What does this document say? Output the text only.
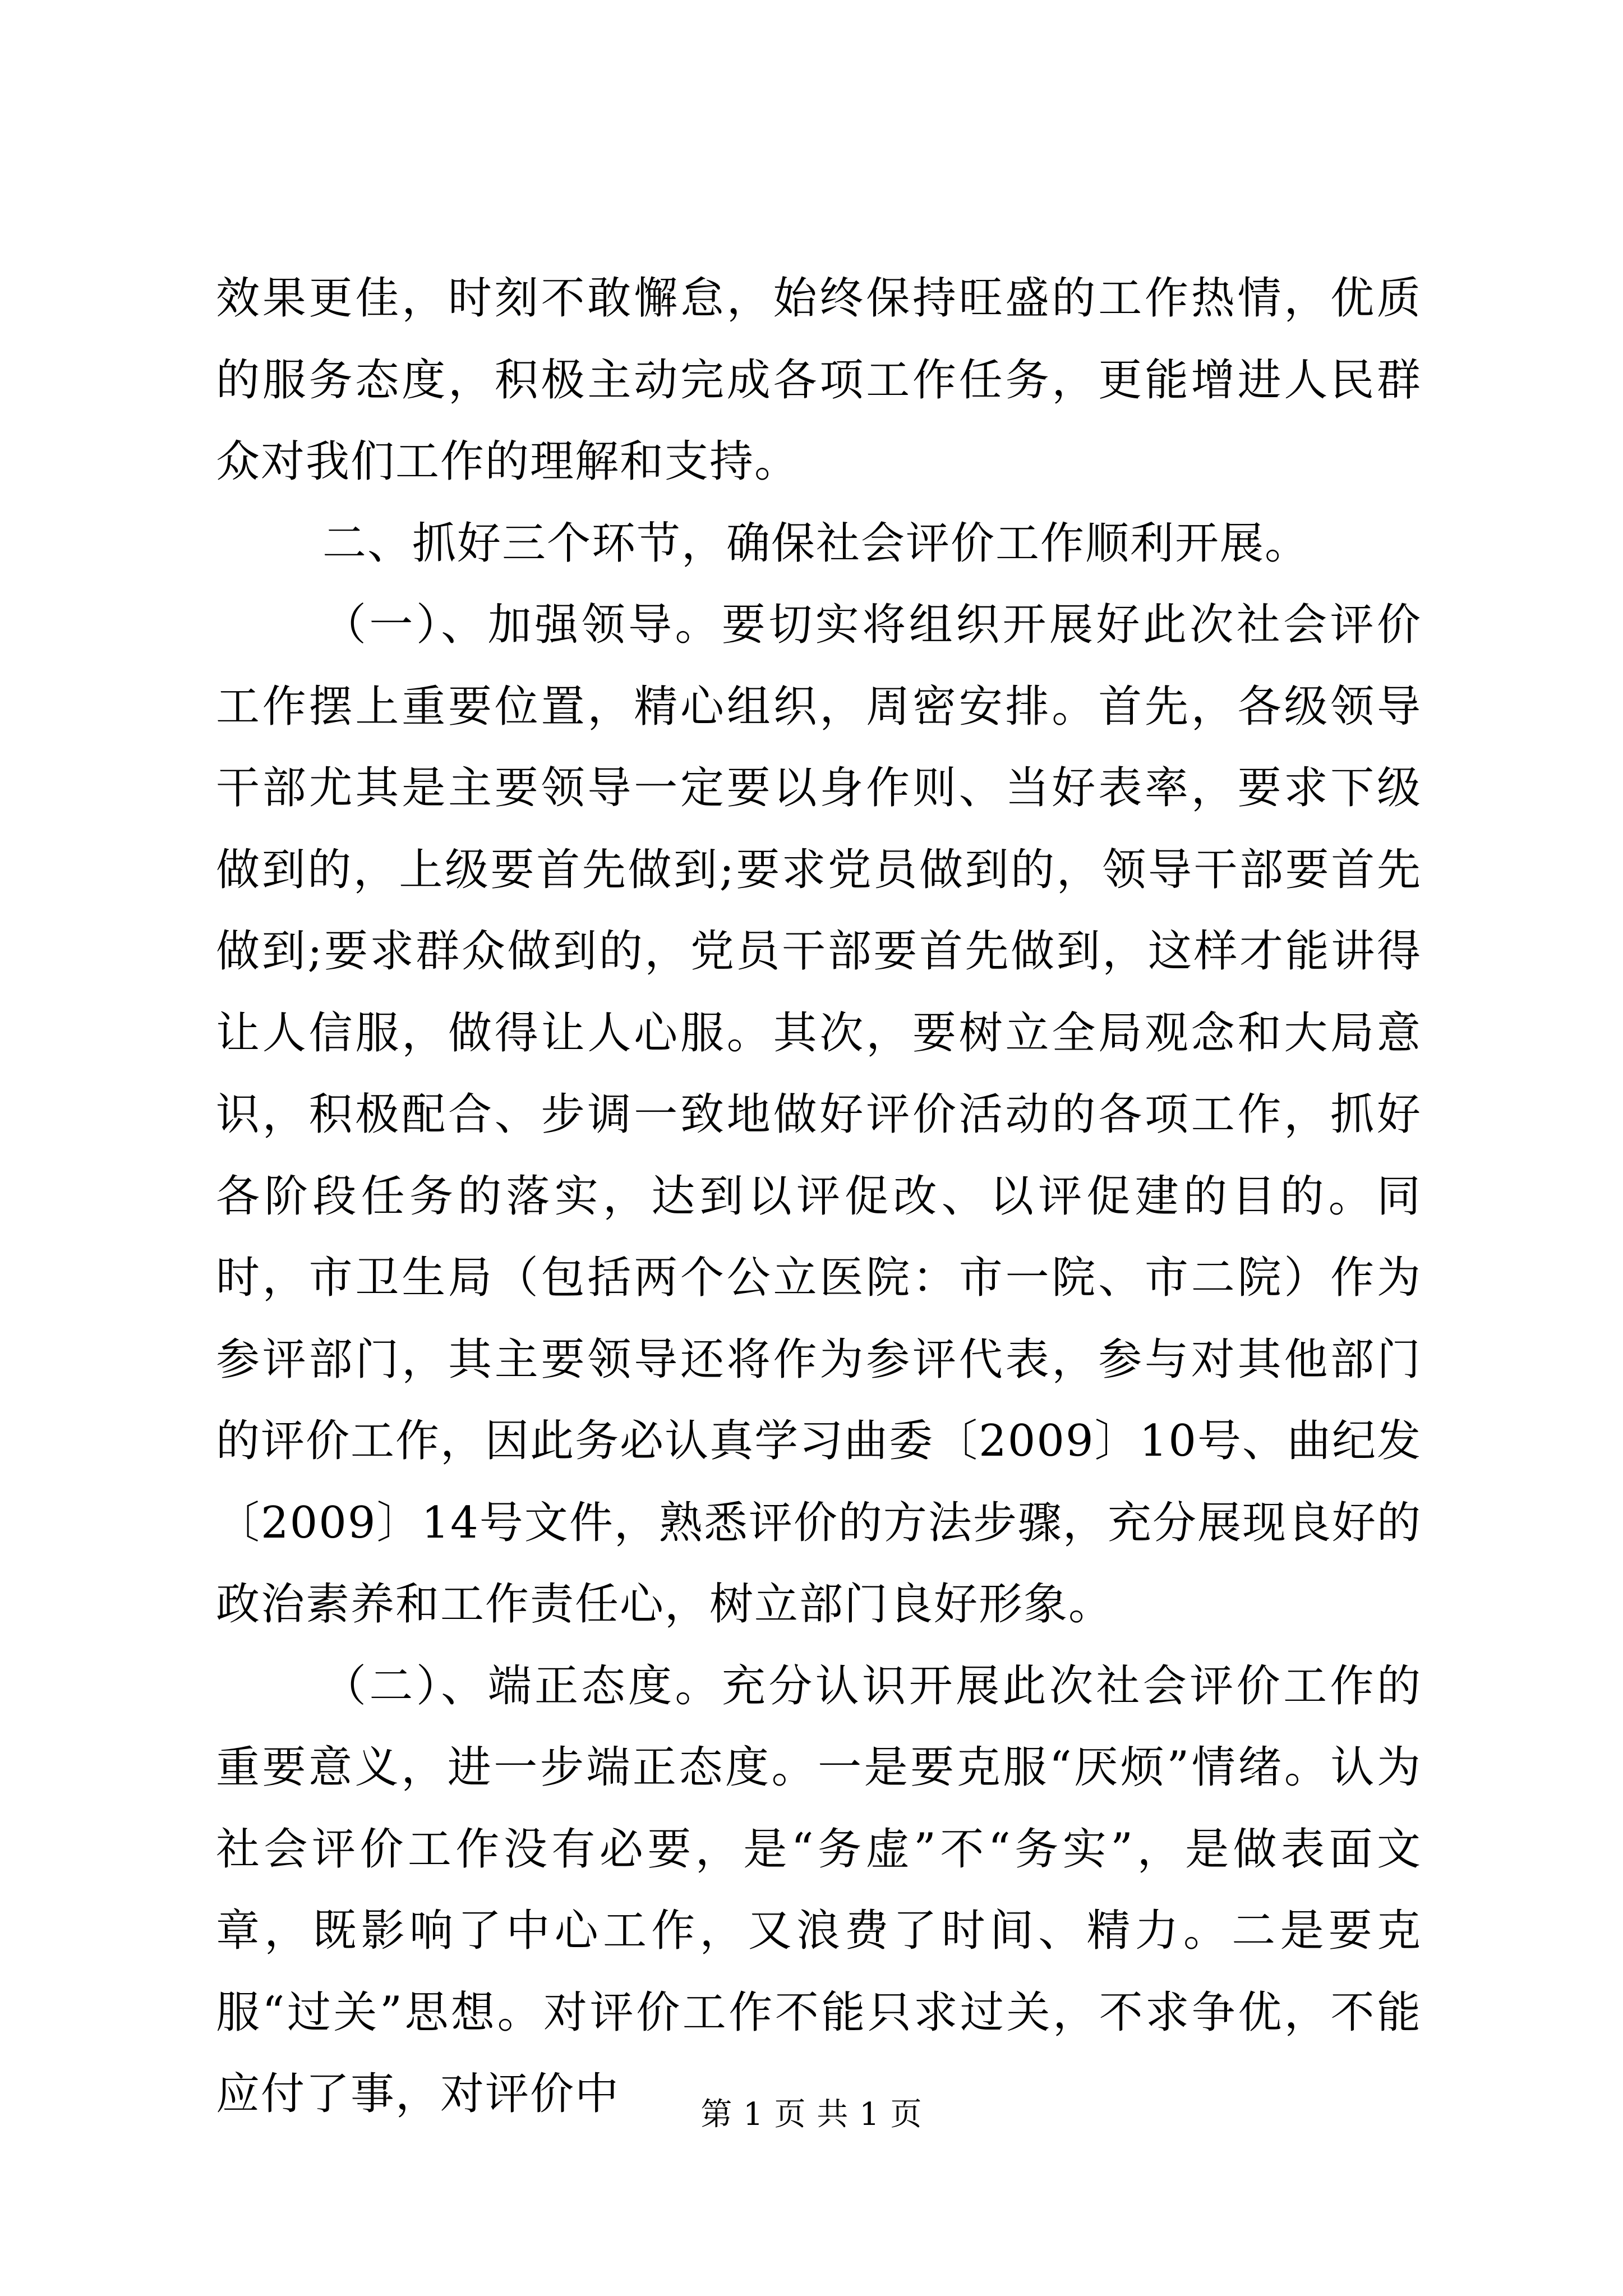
效果更佳，时刻不敢懈怠，始终保持旺盛的工作热情，优质的服务态度，积极主动完成各项工作任务，更能增进人民群众对我们工作的理解和支持。

二、抓好三个环节，确保社会评价工作顺利开展。

（一）、加强领导。要切实将组织开展好此次社会评价工作摆上重要位置，精心组织，周密安排。首先，各级领导干部尤其是主要领导一定要以身作则、当好表率，要求下级做到的，上级要首先做到;要求党员做到的，领导干部要首先做到;要求群众做到的，党员干部要首先做到，这样才能讲得让人信服，做得让人心服。其次，要树立全局观念和大局意识，积极配合、步调一致地做好评价活动的各项工作，抓好各阶段任务的落实，达到以评促改、以评促建的目的。同时，市卫生局（包括两个公立医院：市一院、市二院）作为参评部门，其主要领导还将作为参评代表，参与对其他部门的评价工作，因此务必认真学习曲委〔2009〕10号、曲纪发〔2009〕14号文件，熟悉评价的方法步骤，充分展现良好的政治素养和工作责任心，树立部门良好形象。

（二）、端正态度。充分认识开展此次社会评价工作的重要意义，进一步端正态度。一是要克服“厌烦”情绪。认为社会评价工作没有必要，是“务虚”不“务实”，是做表面文章，既影响了中心工作，又浪费了时间、精力。二是要克服“过关”思想。对评价工作不能只求过关，不求争优，不能应付了事，对评价中	第 1 页 共 1 页
